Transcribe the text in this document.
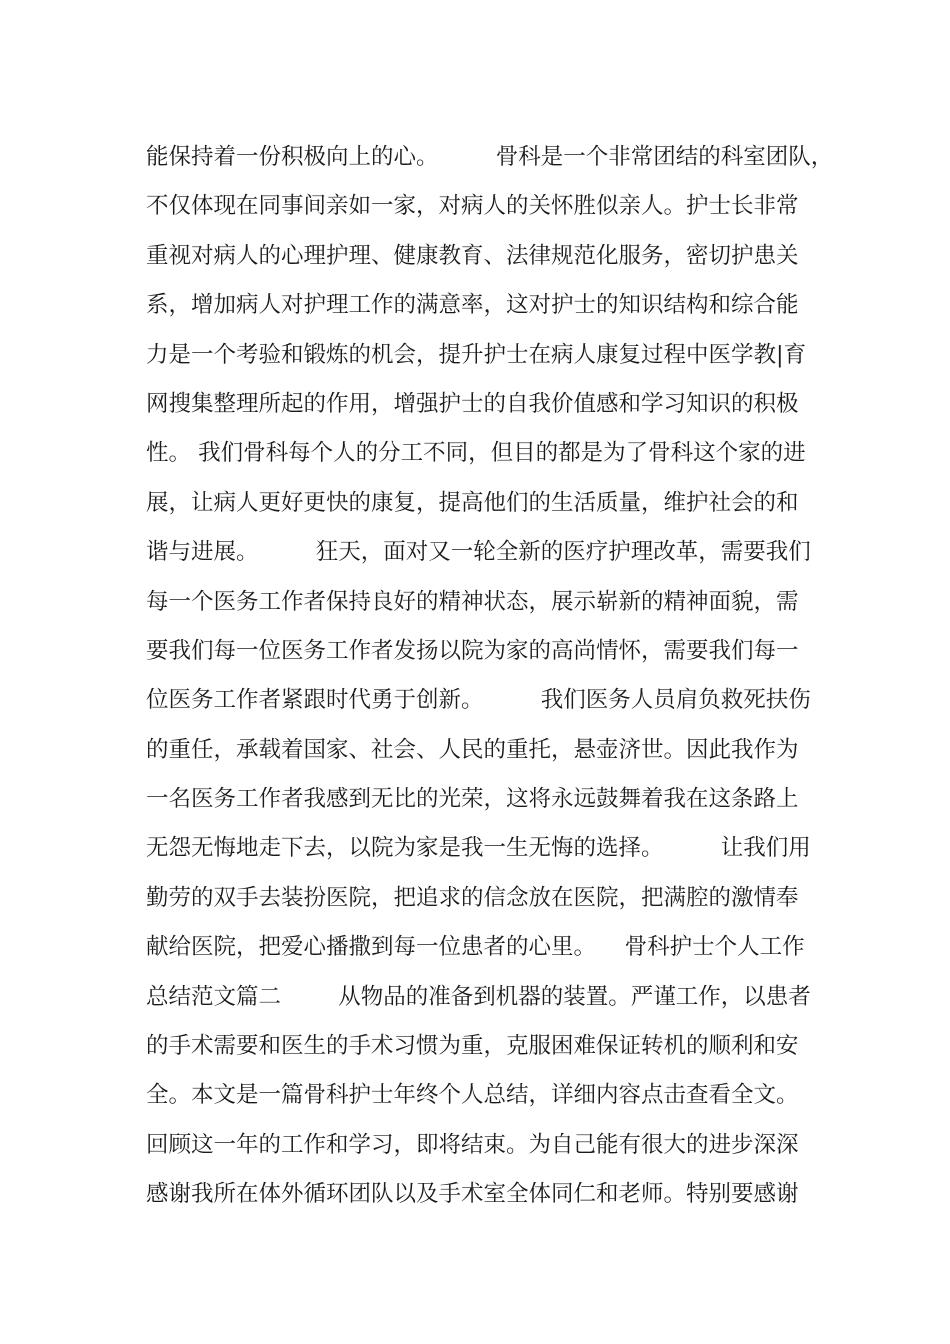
能保持着一份积极向上的心。        骨科是一个非常团结的科室团队，
不仅体现在同事间亲如一家，对病人的关怀胜似亲人。护士长非常
重视对病人的心理护理、健康教育、法律规范化服务，密切护患关
系，增加病人对护理工作的满意率，这对护士的知识结构和综合能
力是一个考验和锻炼的机会，提升护士在病人康复过程中医学教|育
网搜集整理所起的作用，增强护士的自我价值感和学习知识的积极
性。 我们骨科每个人的分工不同，但目的都是为了骨科这个家的进
展，让病人更好更快的康复，提高他们的生活质量，维护社会的和
谐与进展。        狂天，面对又一轮全新的医疗护理改革，需要我们
每一个医务工作者保持良好的精神状态，展示崭新的精神面貌，需
要我们每一位医务工作者发扬以院为家的高尚情怀，需要我们每一
位医务工作者紧跟时代勇于创新。        我们医务人员肩负救死扶伤
的重任，承载着国家、社会、人民的重托，悬壶济世。因此我作为
一名医务工作者我感到无比的光荣，这将永远鼓舞着我在这条路上
无怨无悔地走下去，以院为家是我一生无悔的选择。        让我们用
勤劳的双手去装扮医院，把追求的信念放在医院，把满腔的激情奉
献给医院，把爱心播撒到每一位患者的心里。    骨科护士个人工作
总结范文篇二        从物品的准备到机器的装置。严谨工作，以患者
的手术需要和医生的手术习惯为重，克服困难保证转机的顺利和安
全。本文是一篇骨科护士年终个人总结，详细内容点击查看全文。
回顾这一年的工作和学习，即将结束。为自己能有很大的进步深深
感谢我所在体外循环团队以及手术室全体同仁和老师。特别要感谢
